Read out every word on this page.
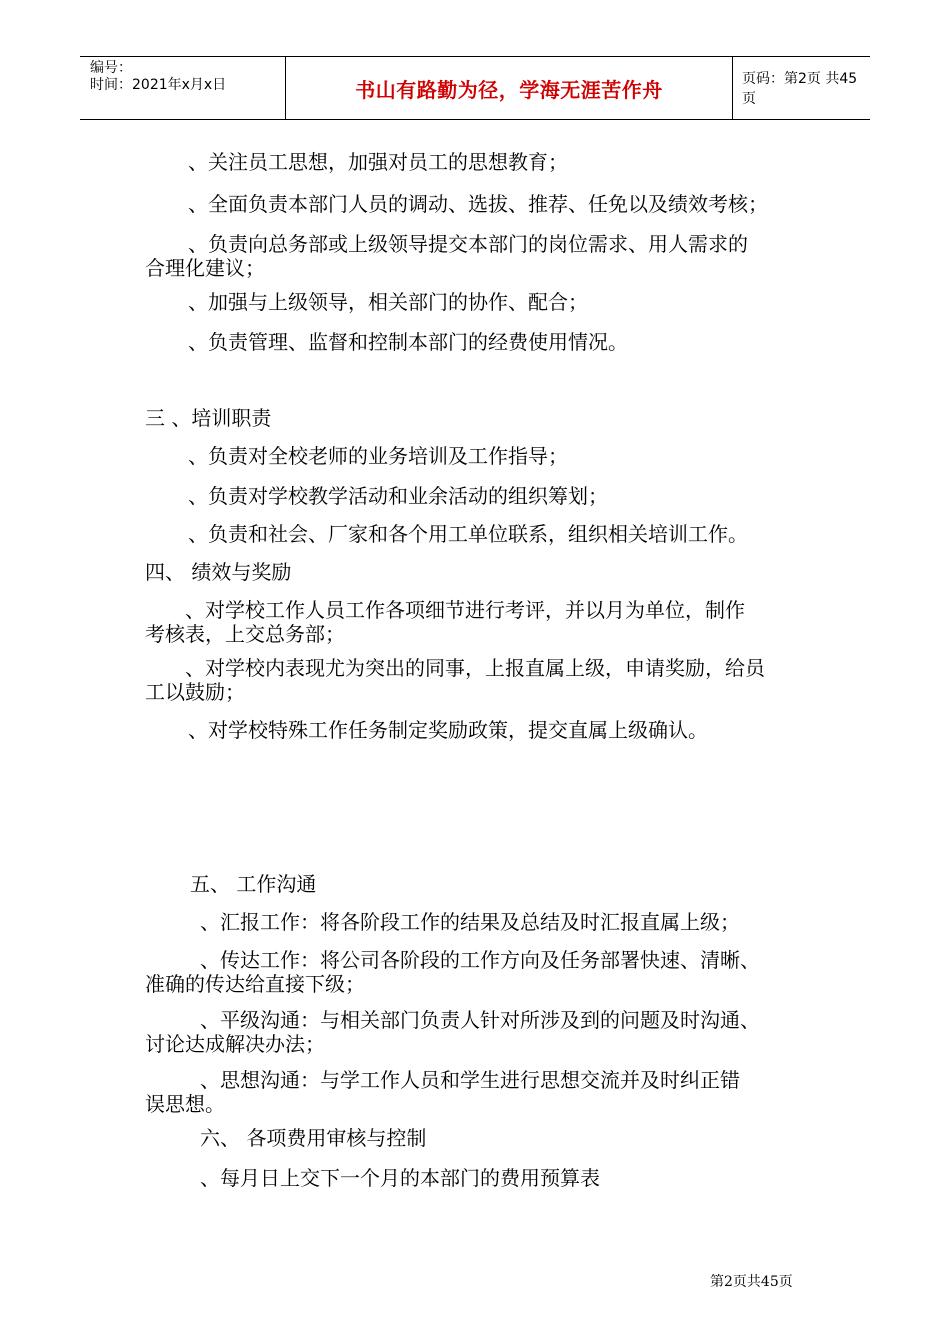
编号：
时间：2021年x月x日	书山有路勤为径，学海无涯苦作舟	页码：第2页 共45页
、关注员工思想，加强对员工的思想教育；
、全面负责本部门人员的调动、选拔、推荐、任免以及绩效考核；
、负责向总务部或上级领导提交本部门的岗位需求、用人需求的
合理化建议；
、加强与上级领导，相关部门的协作、配合；
、负责管理、监督和控制本部门的经费使用情况。
三 、培训职责
、负责对全校老师的业务培训及工作指导；
、负责对学校教学活动和业余活动的组织筹划；
、负责和社会、厂家和各个用工单位联系，组织相关培训工作。
四、 绩效与奖励
、对学校工作人员工作各项细节进行考评，并以月为单位，制作
考核表，上交总务部；
、对学校内表现尤为突出的同事，上报直属上级，申请奖励，给员
工以鼓励；
、对学校特殊工作任务制定奖励政策，提交直属上级确认。
五、 工作沟通
、汇报工作：将各阶段工作的结果及总结及时汇报直属上级；
、传达工作：将公司各阶段的工作方向及任务部署快速、清晰、
准确的传达给直接下级；
、平级沟通：与相关部门负责人针对所涉及到的问题及时沟通、
讨论达成解决办法；
、思想沟通：与学工作人员和学生进行思想交流并及时纠正错
误思想。
六、 各项费用审核与控制
、每月日上交下一个月的本部门的费用预算表
第2页共45页
